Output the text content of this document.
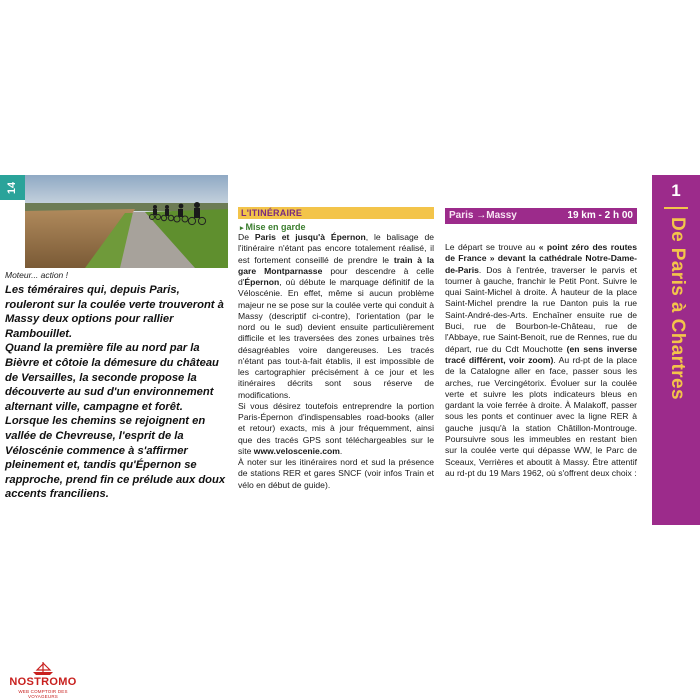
14
Moteur... action !

Les téméraires qui, depuis Paris, rouleront sur la coulée verte trouveront à Massy deux options pour rallier Rambouillet.

Quand la première file au nord par la Bièvre et côtoie la démesure du château de Versailles, la seconde propose la découverte au sud d'un environnement alternant ville, campagne et forêt.

Lorsque les chemins se rejoignent en vallée de Chevreuse, l'esprit de la Véloscénie commence à s'affirmer pleinement et, tandis qu'Épernon se rapproche, prend fin ce prélude aux doux accents franciliens.

L'ITINÉRAIRE
▸ Mise en garde

De Paris et jusqu'à Épernon, le balisage de l'itinéraire n'étant pas encore totalement réalisé, il est fortement conseillé de prendre le train à la gare Montparnasse pour descendre à celle d'Épernon, où débute le marquage définitif de la Véloscénie. En effet, même si aucun problème majeur ne se pose sur la coulée verte qui conduit à Massy (descriptif ci-contre), l'orientation (par le nord ou le sud) devient ensuite particulièrement difficile et les traversées des zones urbaines très désagréables voire dangereuses. Les tracés n'étant pas tout-à-fait établis, il est impossible de les cartographier précisément à ce jour et les itinéraires décrits sont sous réserve de modifications.

Si vous désirez toutefois entreprendre la portion Paris-Épernon d'indispensables road-books (aller et retour) exacts, mis à jour fréquemment, ainsi que des tracés GPS sont téléchargeables sur le site www.veloscenie.com.

À noter sur les itinéraires nord et sud la présence de stations RER et gares SNCF (voir infos Train et vélo en début de guide).

Paris →Massy	19 km - 2 h 00
Le départ se trouve au « point zéro des routes de France » devant la cathédrale Notre-Dame-de-Paris. Dos à l'entrée, traverser le parvis et tourner à gauche, franchir le Petit Pont. Suivre le quai Saint-Michel à droite. À hauteur de la place Saint-Michel prendre la rue Danton puis la rue Saint-André-des-Arts. Enchaîner ensuite rue de Buci, rue de Bourbon-le-Château, rue de l'Abbaye, rue Saint-Benoit, rue de Rennes, rue du départ, rue du Cdt Mouchotte (en sens inverse tracé différent, voir zoom). Au rd-pt de la place de la Catalogne aller en face, passer sous les arches, rue Vercingétorix. Évoluer sur la coulée verte et suivre les plots indicateurs bleus en gardant la voie ferrée à droite. À Malakoff, passer sous les ponts et continuer avec la ligne RER à gauche jusqu'à la station Châtillon-Montrouge. Poursuivre sous les immeubles en restant bien sur la coulée verte qui dépasse WW, le Parc de Sceaux, Verrières et aboutit à Massy. Être attentif au rd-pt du 19 Mars 1962, où s'offrent deux choix :
1
De Paris à Chartres
NOSTROMO
WEB COMPTOIR DES VOYAGEURS
